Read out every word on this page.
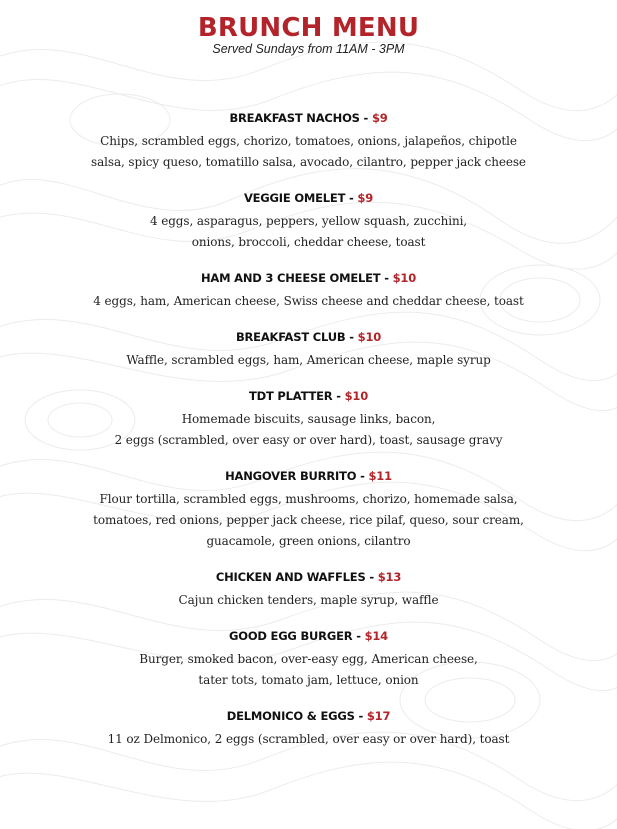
BRUNCH MENU
Served Sundays from 11AM - 3PM
BREAKFAST NACHOS - $9
Chips, scrambled eggs, chorizo, tomatoes, onions, jalapeños, chipotle
salsa, spicy queso, tomatillo salsa, avocado, cilantro, pepper jack cheese
VEGGIE OMELET - $9
4 eggs, asparagus, peppers, yellow squash, zucchini,
onions, broccoli, cheddar cheese, toast
HAM AND 3 CHEESE OMELET - $10
4 eggs, ham, American cheese, Swiss cheese and cheddar cheese, toast
BREAKFAST CLUB - $10
Waffle, scrambled eggs, ham, American cheese, maple syrup
TDT PLATTER - $10
Homemade biscuits, sausage links, bacon,
2 eggs (scrambled, over easy or over hard), toast, sausage gravy
HANGOVER BURRITO - $11
Flour tortilla, scrambled eggs, mushrooms, chorizo, homemade salsa,
tomatoes, red onions, pepper jack cheese, rice pilaf, queso, sour cream,
guacamole, green onions, cilantro
CHICKEN AND WAFFLES - $13
Cajun chicken tenders, maple syrup, waffle
GOOD EGG BURGER - $14
Burger, smoked bacon, over-easy egg, American cheese,
tater tots, tomato jam, lettuce, onion
DELMONICO & EGGS - $17
11 oz Delmonico, 2 eggs (scrambled, over easy or over hard), toast
